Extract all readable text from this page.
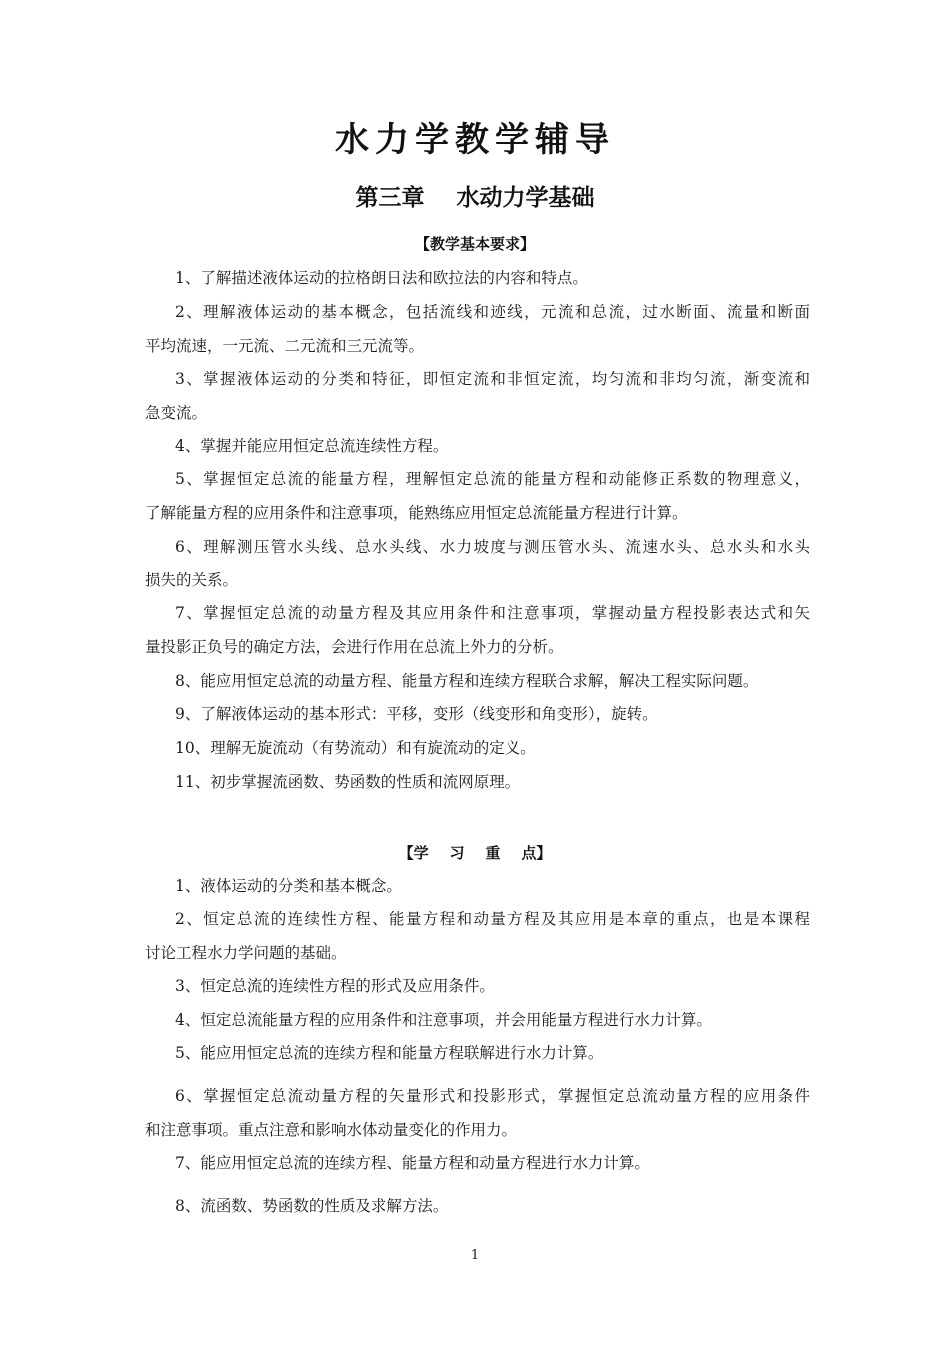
水力学教学辅导
第三章    水动力学基础
【教学基本要求】
1、了解描述液体运动的拉格朗日法和欧拉法的内容和特点。
2、理解液体运动的基本概念，包括流线和迹线，元流和总流，过水断面、流量和断面
平均流速，一元流、二元流和三元流等。
3、掌握液体运动的分类和特征，即恒定流和非恒定流，均匀流和非均匀流，渐变流和
急变流。
4、掌握并能应用恒定总流连续性方程。
5、掌握恒定总流的能量方程，理解恒定总流的能量方程和动能修正系数的物理意义，
了解能量方程的应用条件和注意事项，能熟练应用恒定总流能量方程进行计算。
6、理解测压管水头线、总水头线、水力坡度与测压管水头、流速水头、总水头和水头
损失的关系。
7、掌握恒定总流的动量方程及其应用条件和注意事项，掌握动量方程投影表达式和矢
量投影正负号的确定方法，会进行作用在总流上外力的分析。
8、能应用恒定总流的动量方程、能量方程和连续方程联合求解，解决工程实际问题。
9、了解液体运动的基本形式：平移，变形（线变形和角变形），旋转。
10、理解无旋流动（有势流动）和有旋流动的定义。
11、初步掌握流函数、势函数的性质和流网原理。
【学    习    重    点】
1、液体运动的分类和基本概念。
2、恒定总流的连续性方程、能量方程和动量方程及其应用是本章的重点，也是本课程
讨论工程水力学问题的基础。
3、恒定总流的连续性方程的形式及应用条件。
4、恒定总流能量方程的应用条件和注意事项，并会用能量方程进行水力计算。
5、能应用恒定总流的连续方程和能量方程联解进行水力计算。
6、掌握恒定总流动量方程的矢量形式和投影形式，掌握恒定总流动量方程的应用条件
和注意事项。重点注意和影响水体动量变化的作用力。
7、能应用恒定总流的连续方程、能量方程和动量方程进行水力计算。
8、流函数、势函数的性质及求解方法。
1
